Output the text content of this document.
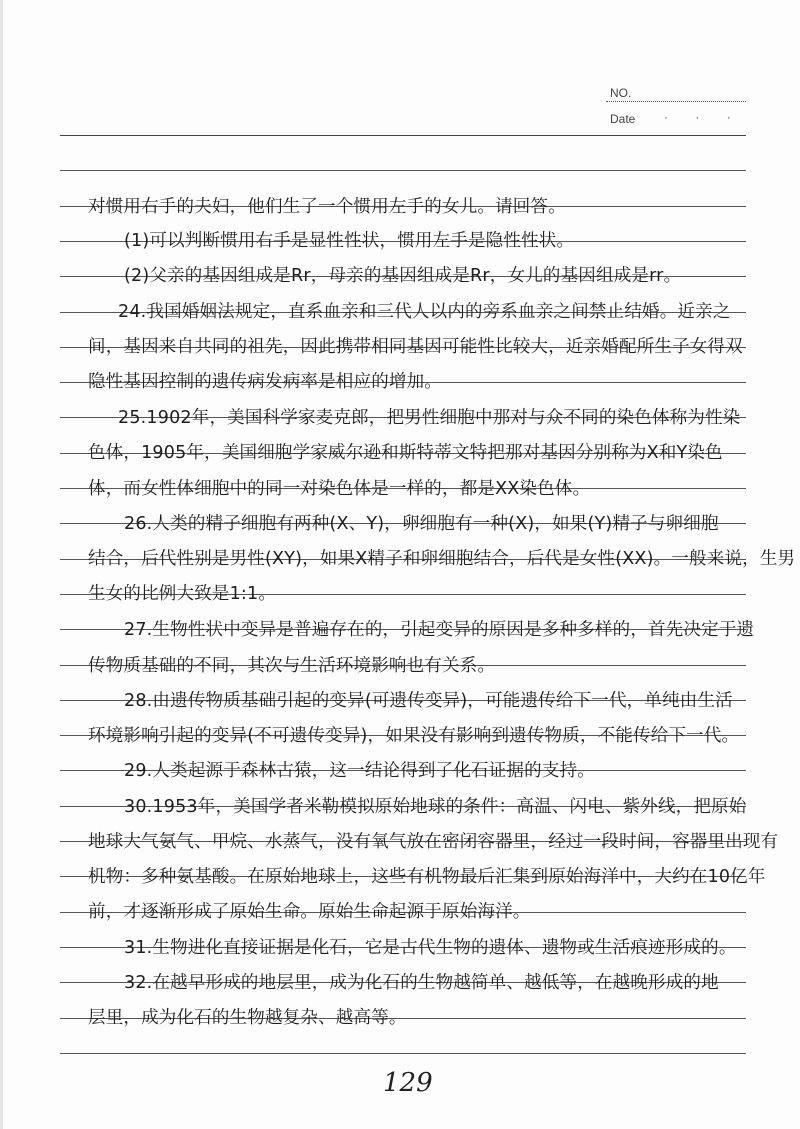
NO.
Date · · ·
对惯用右手的夫妇，他们生了一个惯用左手的女儿。请回答。
(1)可以判断惯用右手是显性性状，惯用左手是隐性性状。
(2)父亲的基因组成是Rr，母亲的基因组成是Rr，女儿的基因组成是rr。
24.我国婚姻法规定，直系血亲和三代人以内的旁系血亲之间禁止结婚。近亲之
间，基因来自共同的祖先，因此携带相同基因可能性比较大，近亲婚配所生子女得双
隐性基因控制的遗传病发病率是相应的增加。
25.1902年，美国科学家麦克郎，把男性细胞中那对与众不同的染色体称为性染
色体，1905年，美国细胞学家威尔逊和斯特蒂文特把那对基因分别称为X和Y染色
体，而女性体细胞中的同一对染色体是一样的，都是XX染色体。
26.人类的精子细胞有两种(X、Y)，卵细胞有一种(X)，如果(Y)精子与卵细胞
结合，后代性别是男性(XY)，如果X精子和卵细胞结合，后代是女性(XX)。一般来说，生男
生女的比例大致是1:1。
27.生物性状中变异是普遍存在的，引起变异的原因是多种多样的，首先决定于遗
传物质基础的不同，其次与生活环境影响也有关系。
28.由遗传物质基础引起的变异(可遗传变异)，可能遗传给下一代，单纯由生活
环境影响引起的变异(不可遗传变异)，如果没有影响到遗传物质，不能传给下一代。
29.人类起源于森林古猿，这一结论得到了化石证据的支持。
30.1953年，美国学者米勒模拟原始地球的条件：高温、闪电、紫外线，把原始
地球大气氨气、甲烷、水蒸气，没有氧气放在密闭容器里，经过一段时间，容器里出现有
机物：多种氨基酸。在原始地球上，这些有机物最后汇集到原始海洋中，大约在10亿年
前，才逐渐形成了原始生命。原始生命起源于原始海洋。
31.生物进化直接证据是化石，它是古代生物的遗体、遗物或生活痕迹形成的。
32.在越早形成的地层里，成为化石的生物越简单、越低等，在越晚形成的地
层里，成为化石的生物越复杂、越高等。
129
